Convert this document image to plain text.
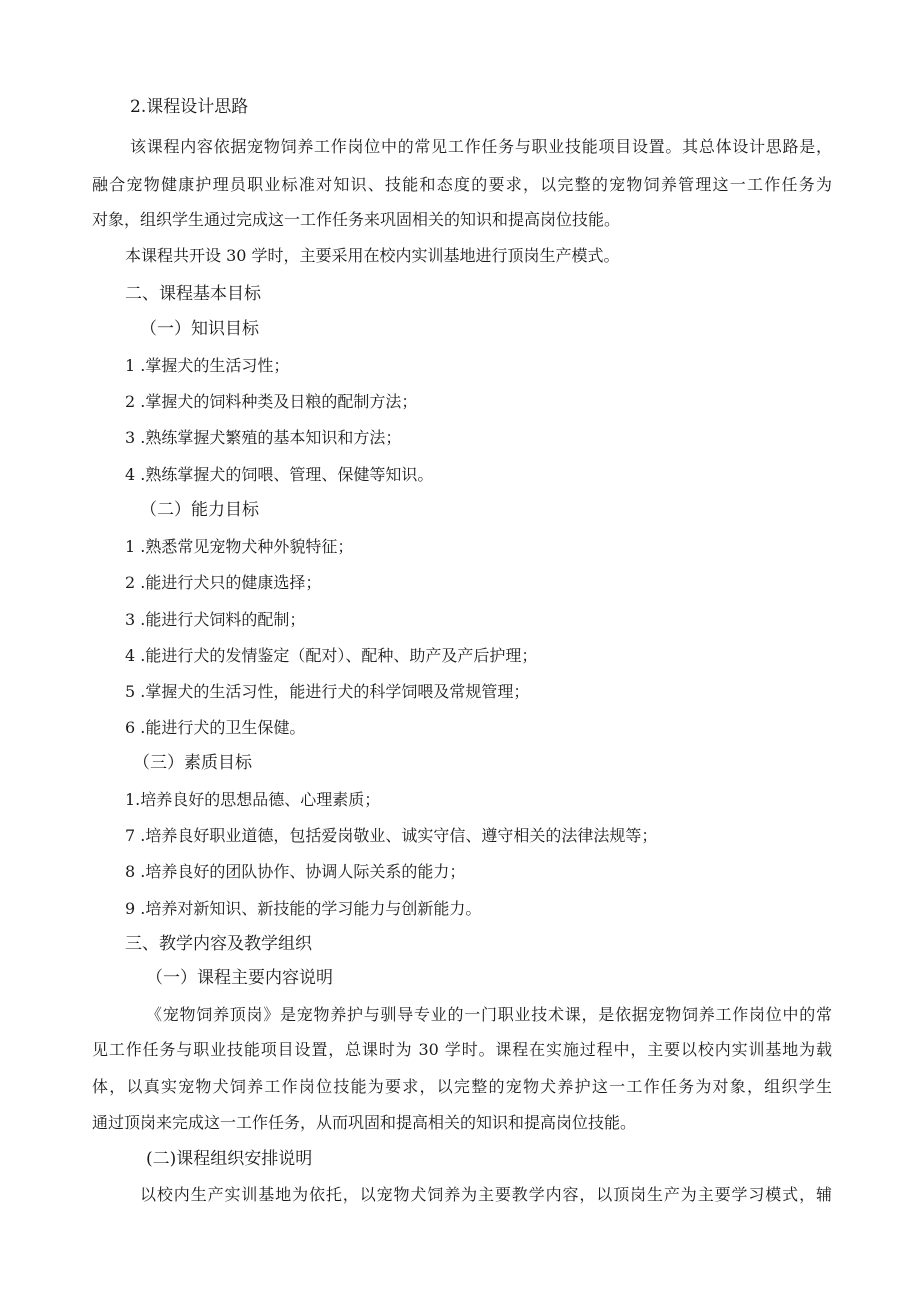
2.课程设计思路

该课程内容依据宠物饲养工作岗位中的常见工作任务与职业技能项目设置。其总体设计思路是，

融合宠物健康护理员职业标准对知识、技能和态度的要求，以完整的宠物饲养管理这一工作任务为

对象，组织学生通过完成这一工作任务来巩固相关的知识和提高岗位技能。

本课程共开设 30 学时，主要采用在校内实训基地进行顶岗生产模式。

二、课程基本目标

（一）知识目标

1 .掌握犬的生活习性；

2 .掌握犬的饲料种类及日粮的配制方法；

3 .熟练掌握犬繁殖的基本知识和方法；

4 .熟练掌握犬的饲喂、管理、保健等知识。

（二）能力目标

1 .熟悉常见宠物犬种外貌特征；

2 .能进行犬只的健康选择；

3 .能进行犬饲料的配制；

4 .能进行犬的发情鉴定（配对）、配种、助产及产后护理；

5 .掌握犬的生活习性，能进行犬的科学饲喂及常规管理；

6 .能进行犬的卫生保健。

（三）素质目标

1.培养良好的思想品德、心理素质；

7 .培养良好职业道德，包括爱岗敬业、诚实守信、遵守相关的法律法规等；

8 .培养良好的团队协作、协调人际关系的能力；

9 .培养对新知识、新技能的学习能力与创新能力。

三、教学内容及教学组织

（一）课程主要内容说明

《宠物饲养顶岗》是宠物养护与驯导专业的一门职业技术课，是依据宠物饲养工作岗位中的常

见工作任务与职业技能项目设置，总课时为 30 学时。课程在实施过程中，主要以校内实训基地为载

体，以真实宠物犬饲养工作岗位技能为要求，以完整的宠物犬养护这一工作任务为对象，组织学生

通过顶岗来完成这一工作任务，从而巩固和提高相关的知识和提高岗位技能。

(二)课程组织安排说明

以校内生产实训基地为依托，以宠物犬饲养为主要教学内容，以顶岗生产为主要学习模式，辅
